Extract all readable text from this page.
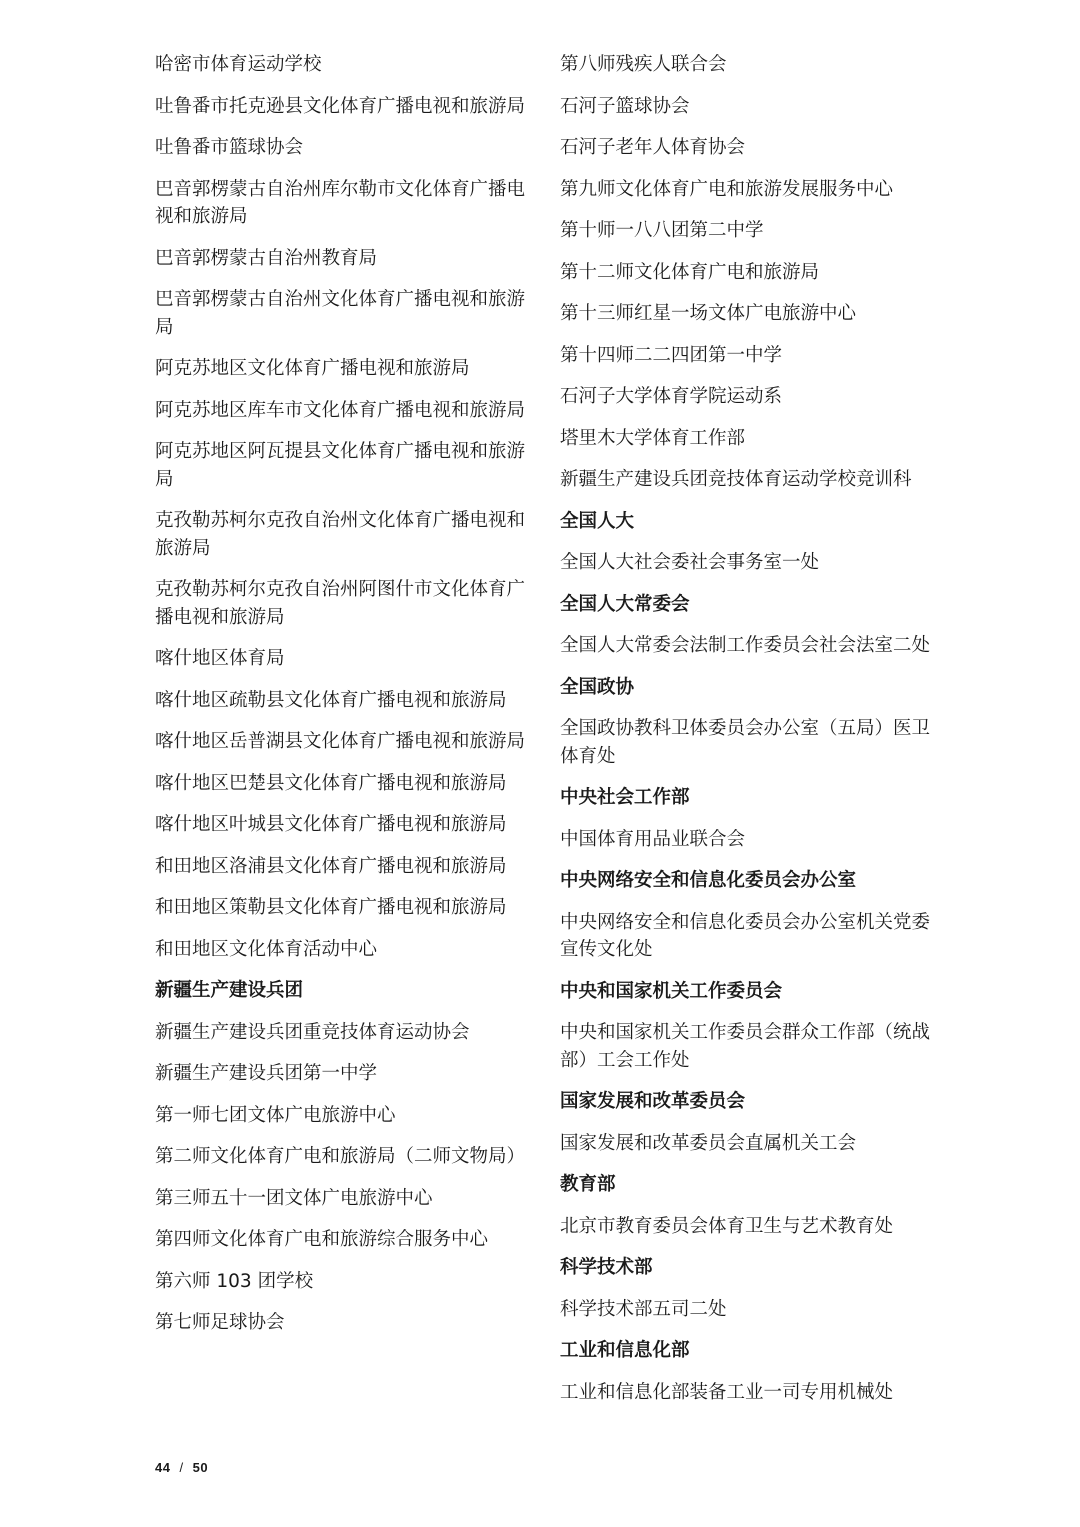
哈密市体育运动学校
吐鲁番市托克逊县文化体育广播电视和旅游局
吐鲁番市篮球协会
巴音郭楞蒙古自治州库尔勒市文化体育广播电视和旅游局
巴音郭楞蒙古自治州教育局
巴音郭楞蒙古自治州文化体育广播电视和旅游局
阿克苏地区文化体育广播电视和旅游局
阿克苏地区库车市文化体育广播电视和旅游局
阿克苏地区阿瓦提县文化体育广播电视和旅游局
克孜勒苏柯尔克孜自治州文化体育广播电视和旅游局
克孜勒苏柯尔克孜自治州阿图什市文化体育广播电视和旅游局
喀什地区体育局
喀什地区疏勒县文化体育广播电视和旅游局
喀什地区岳普湖县文化体育广播电视和旅游局
喀什地区巴楚县文化体育广播电视和旅游局
喀什地区叶城县文化体育广播电视和旅游局
和田地区洛浦县文化体育广播电视和旅游局
和田地区策勒县文化体育广播电视和旅游局
和田地区文化体育活动中心
新疆生产建设兵团
新疆生产建设兵团重竞技体育运动协会
新疆生产建设兵团第一中学
第一师七团文体广电旅游中心
第二师文化体育广电和旅游局（二师文物局）
第三师五十一团文体广电旅游中心
第四师文化体育广电和旅游综合服务中心
第六师 103 团学校
第七师足球协会
第八师残疾人联合会
石河子篮球协会
石河子老年人体育协会
第九师文化体育广电和旅游发展服务中心
第十师一八八团第二中学
第十二师文化体育广电和旅游局
第十三师红星一场文体广电旅游中心
第十四师二二四团第一中学
石河子大学体育学院运动系
塔里木大学体育工作部
新疆生产建设兵团竞技体育运动学校竞训科
全国人大
全国人大社会委社会事务室一处
全国人大常委会
全国人大常委会法制工作委员会社会法室二处
全国政协
全国政协教科卫体委员会办公室（五局）医卫体育处
中央社会工作部
中国体育用品业联合会
中央网络安全和信息化委员会办公室
中央网络安全和信息化委员会办公室机关党委宣传文化处
中央和国家机关工作委员会
中央和国家机关工作委员会群众工作部（统战部）工会工作处
国家发展和改革委员会
国家发展和改革委员会直属机关工会
教育部
北京市教育委员会体育卫生与艺术教育处
科学技术部
科学技术部五司二处
工业和信息化部
工业和信息化部装备工业一司专用机械处
44 / 50
